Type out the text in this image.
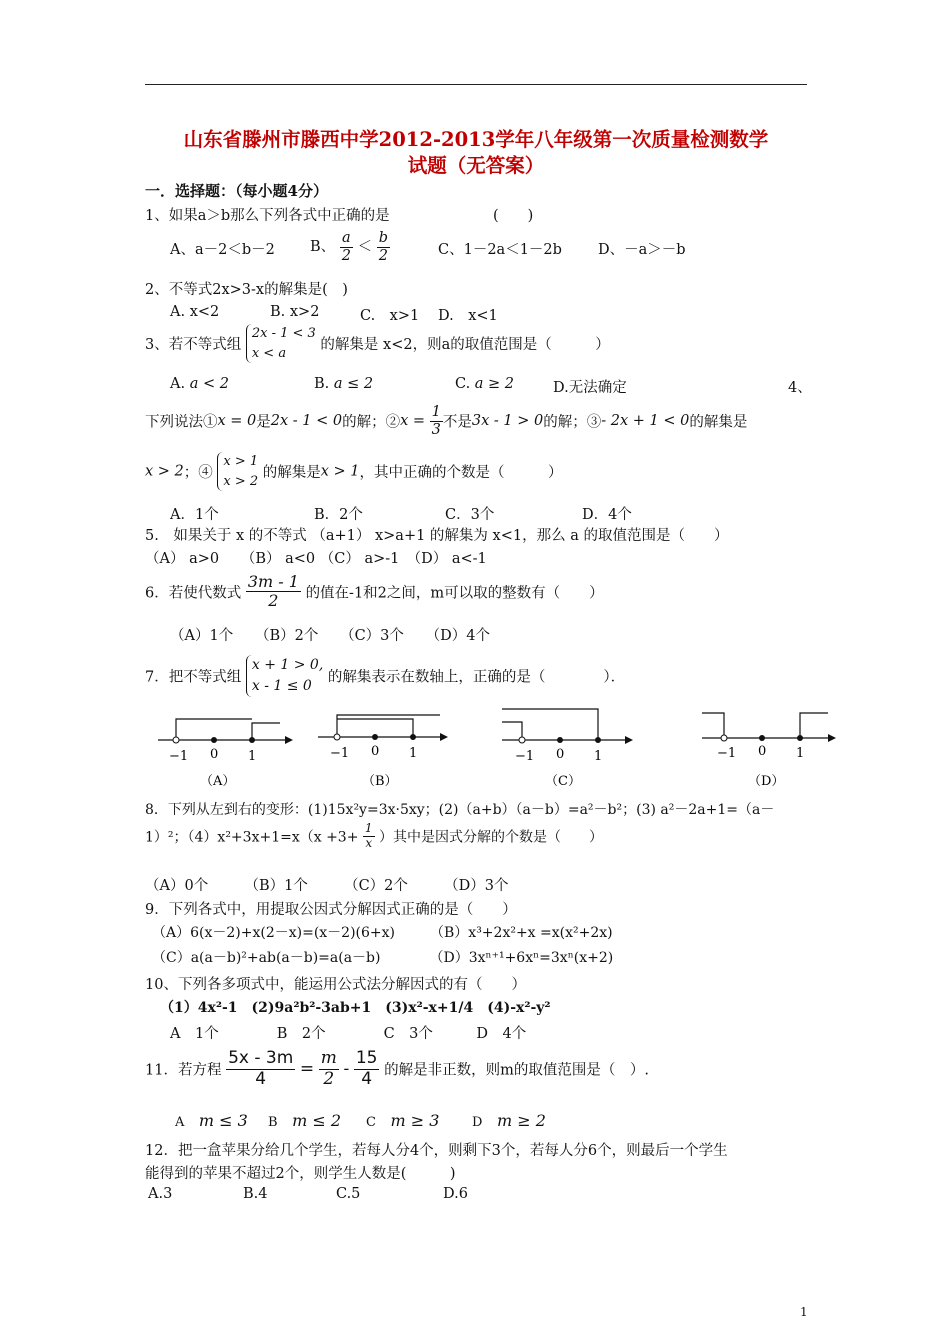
山东省滕州市滕西中学2012-2013学年八年级第一次质量检测数学
试题（无答案）
一．选择题：（每小题4分）
1、如果a＞b那么下列各式中正确的是	(　　)
A、a－2＜b－2 B、 $\frac{a}{2} < \frac{b}{2}$	C、1－2a＜1－2b D、－a＞－b
2、不等式2x>3-x的解集是(　)
A. x<2	B. x>2	C.　x>1 D.　x<1
3、若不等式组 2x - 1 < 3
x < a 的解集是 x<2，则a的取值范围是（　　　）
A. a < 2	B. a ≤ 2	C. a ≥ 2	D.无法确定	4、
下列说法①x = 0是2x - 1 < 0的解；②x = $\frac{1}{3}$ 不是3x - 1 > 0的解；③- 2x + 1 < 0的解集是
x > 2；④ x > 1
x > 2 的解集是x > 1，其中正确的个数是（　　　）
A．1个	B．2个	C．3个	D．4个
5.　如果关于 x 的不等式 （a+1） x>a+1 的解集为 x<1，那么 a 的取值范围是（　　）
（A） a>0　　（B） a<0 （C） a>-1　（D） a<-1
6．若使代数式 $\frac{3m - 1}{2}$ 的值在-1和2之间，m可以取的整数有（　　）
（A）1个　　（B）2个　　（C）3个　　（D）4个
7．把不等式组 x + 1 > 0,
x - 1 ≤ 0 的解集表示在数轴上，正确的是（　　　　）．
−1 0 1
（A）
−1 0 1
（B）
−1 0 1
（C）
−1 0 1
（D）
8．下列从左到右的变形：(1)15x²y=3x·5xy；(2)（a+b）（a－b）=a²－b²；(3) a²－2a+1=（a－
1）²；$(4)x^2+3x+1=x(x +3+ \frac{1}{x}$ ）其中是因式分解的个数是（　　）
（A）0个　　　（B）1个　　　（C）2个　　　（D）3个
9．下列各式中，用提取公因式分解因式正确的是（　　）
（A）6(x－2)+x(2－x)=(x－2)(6+x)　　　（B）x³+2x²+x =x(x²+2x)
（C）a(a－b)²+ab(a－b)=a(a－b)　　　　（D）3xⁿ⁺¹+6xⁿ=3xⁿ(x+2)
10、下列各多项式中，能运用公式法分解因式的有（　　）
（1）4x²-1　(2)9a²b²-3ab+1　(3)x²-x+1/4　(4)-x²-y²
A　1个　　　　B　2个　　　　C　3个　　　D　4个
11．若方程 $\frac{5x - 3m}{4} = \frac{m}{2} - \frac{15}{4}$ 的解是非正数，则m的取值范围是（　）.
A　 m ≤ 3 B　 m ≤ 2 C　 m ≥ 3	D　 m ≥ 2
12．把一盒苹果分给几个学生，若每人分4个，则剩下3个，若每人分6个，则最后一个学生
能得到的苹果不超过2个，则学生人数是(　　　)
A.3	B.4	C.5	D.6
1
